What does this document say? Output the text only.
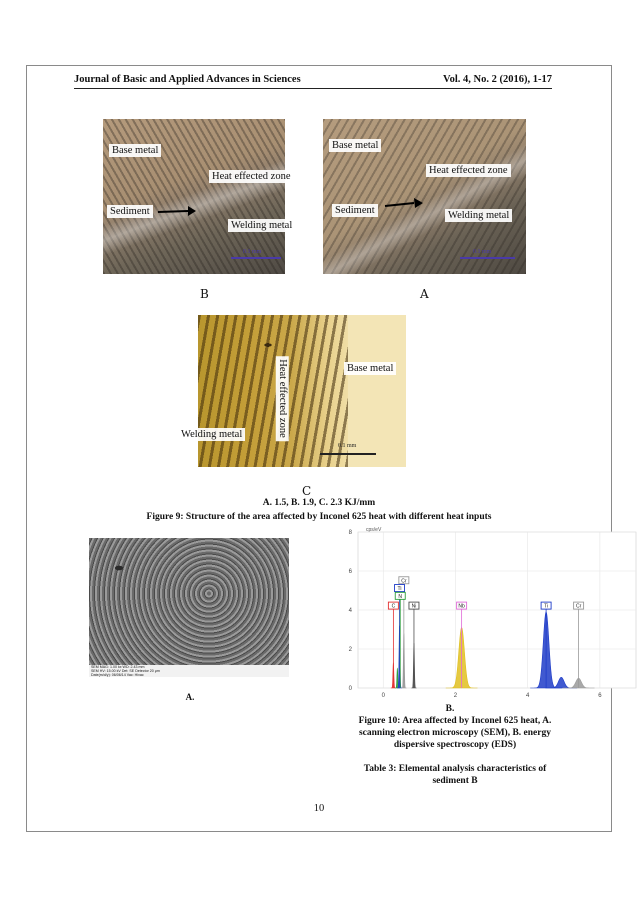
Journal of Basic and Applied Advances in Sciences	Vol. 4, No. 2 (2016), 1-17
Base metal
Heat effected zone
Sediment
Welding metal
0.1 mm
B
Base metal
Heat effected zone
Sediment	Welding metal
0.1 mm
A
Base metal
Heat effected zone
Welding metal
0.1 mm
C
A. 1.5, B. 1.9, C. 2.3 KJ/mm
Figure 9: Structure of the area affected by Inconel 625 heat with different heat inputs
SEM MAG: 1.00 kx WD: 2.43 mm
SEM HV: 15.00 kV Det: SE Detector 20 μm
Date(m/d/y): 06/06/14 Vac: Hivac
A.
cps/eV
8
6
4
2
0
0	2	4	6
Cr
Ti
N
C	Ni	Nb	Ti	Cr
B.
Figure 10: Area affected by Inconel 625 heat, A.
scanning electron microscopy (SEM), B. energy
dispersive spectroscopy (EDS)
Table 3: Elemental analysis characteristics of
sediment B
10
